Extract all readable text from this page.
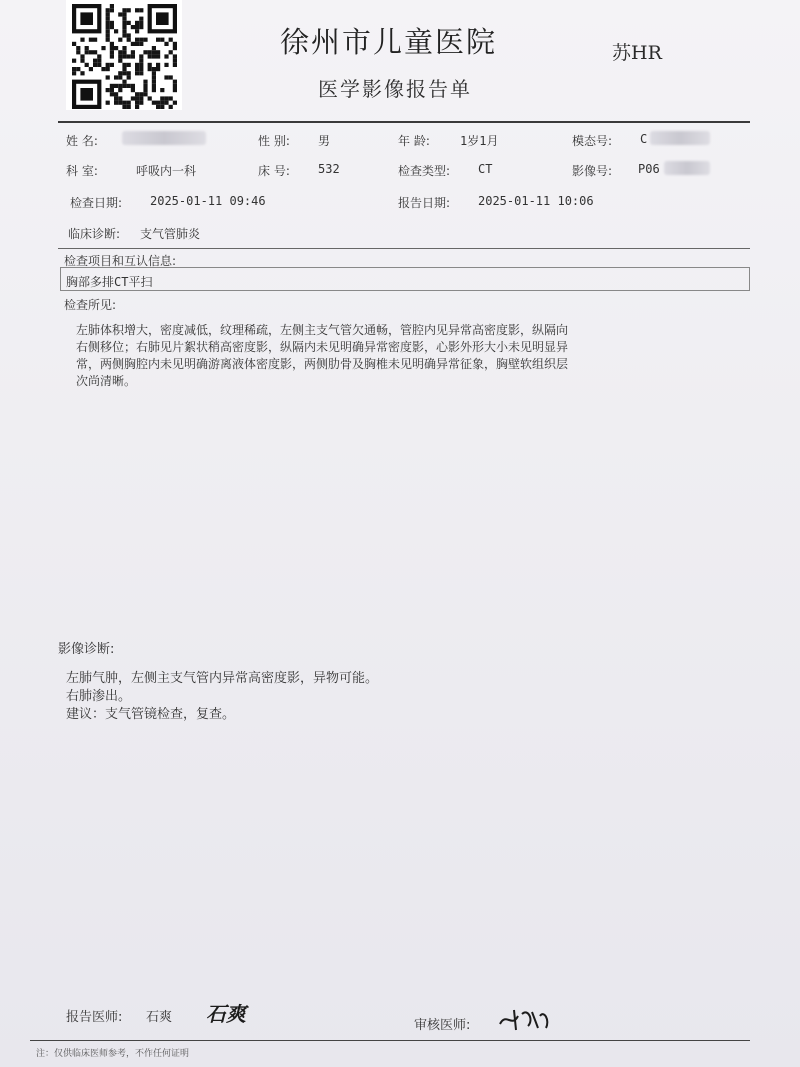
徐州市儿童医院
医学影像报告单
苏HR
姓 名:	性 别: 男	年 龄:	1岁1月	模态号: C
科 室:	呼吸内一科	床 号: 532	检查类型: CT	影像号: P06
检查日期: 2025-01-11 09:46	报告日期: 2025-01-11 10:06
临床诊断: 支气管肺炎
检查项目和互认信息:
胸部多排CT平扫
检查所见:
左肺体积增大，密度减低，纹理稀疏，左侧主支气管欠通畅，管腔内见异常高密度影，纵隔向
右侧移位；右肺见片絮状稍高密度影，纵隔内未见明确异常密度影，心影外形大小未见明显异
常，两侧胸腔内未见明确游离液体密度影，两侧肋骨及胸椎未见明确异常征象，胸壁软组织层
次尚清晰。
影像诊断:
左肺气肿，左侧主支气管内异常高密度影，异物可能。
右肺渗出。
建议：支气管镜检查，复查。
报告医师: 石爽 石爽	审核医师:
注：仅供临床医师参考，不作任何证明
